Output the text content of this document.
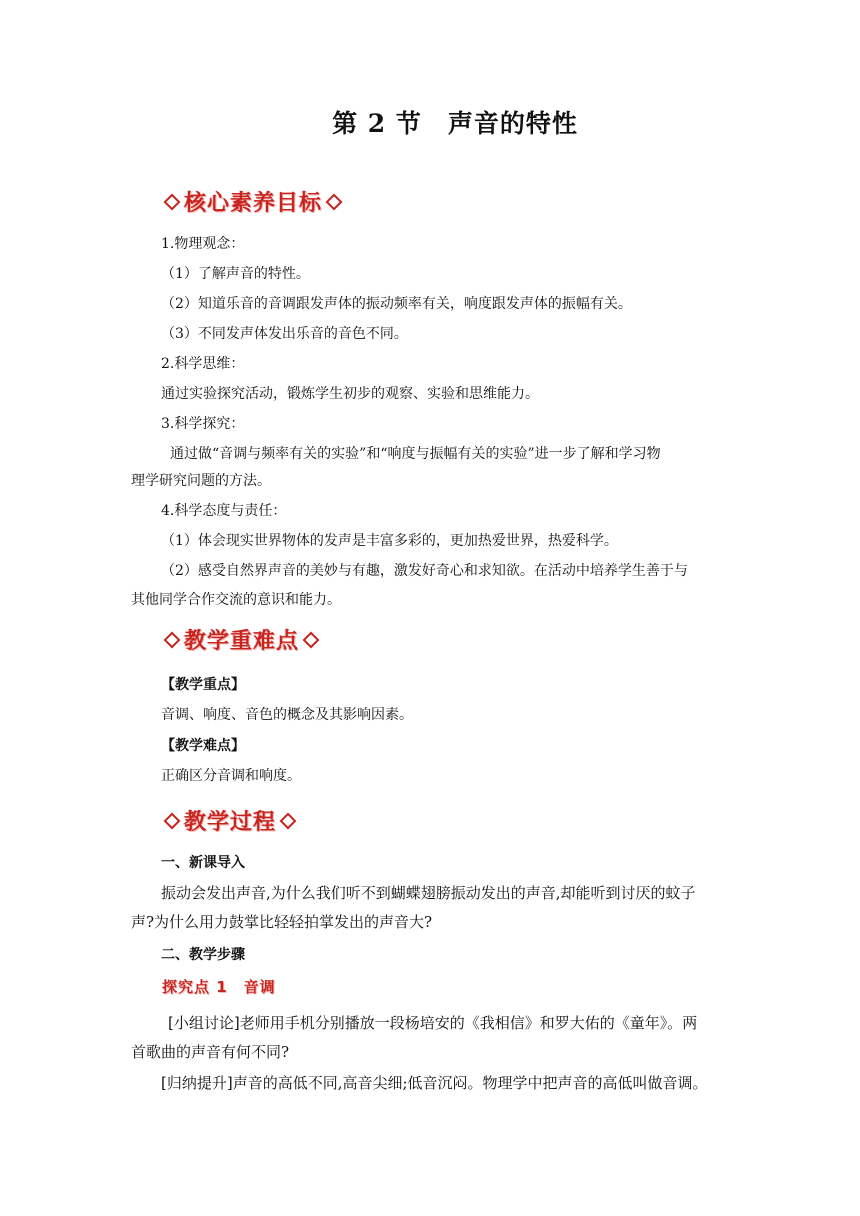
第 2 节　声音的特性
核心素养目标
1.物理观念：
（1）了解声音的特性。
（2）知道乐音的音调跟发声体的振动频率有关，响度跟发声体的振幅有关。
（3）不同发声体发出乐音的音色不同。
2.科学思维：
通过实验探究活动，锻炼学生初步的观察、实验和思维能力。
3.科学探究：
通过做“音调与频率有关的实验”和“响度与振幅有关的实验”进一步了解和学习物
理学研究问题的方法。
4.科学态度与责任：
（1）体会现实世界物体的发声是丰富多彩的，更加热爱世界，热爱科学。
（2）感受自然界声音的美妙与有趣，激发好奇心和求知欲。在活动中培养学生善于与
其他同学合作交流的意识和能力。
教学重难点
【教学重点】
音调、响度、音色的概念及其影响因素。
【教学难点】
正确区分音调和响度。
教学过程
一、新课导入
振动会发出声音,为什么我们听不到蝴蝶翅膀振动发出的声音,却能听到讨厌的蚊子
声?为什么用力鼓掌比轻轻拍掌发出的声音大?
二、教学步骤
探究点 1　音调
[小组讨论]老师用手机分别播放一段杨培安的《我相信》和罗大佑的《童年》。两
首歌曲的声音有何不同?
[归纳提升]声音的高低不同,高音尖细;低音沉闷。物理学中把声音的高低叫做音调。
